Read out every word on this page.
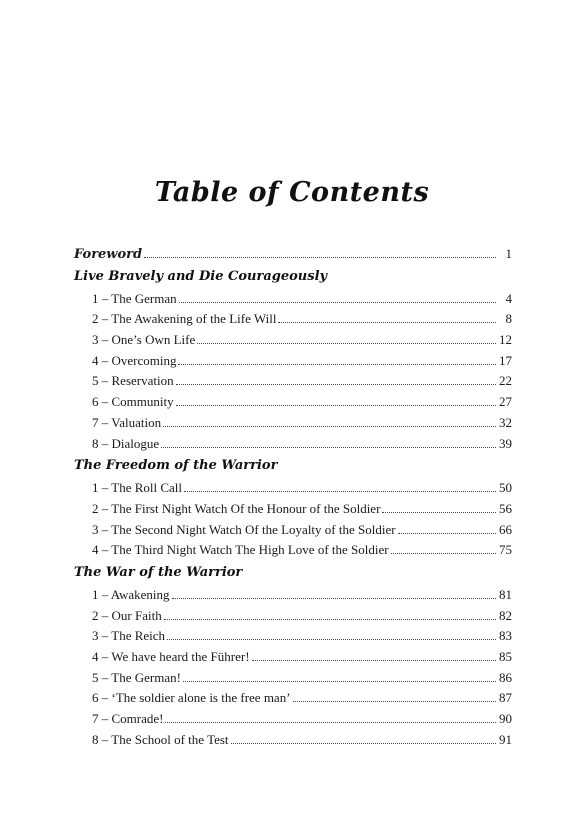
Table of Contents
Foreword	1
Live Bravely and Die Courageously
1 – The German	4
2 – The Awakening of the Life Will	8
3 – One’s Own Life	12
4 – Overcoming	17
5 – Reservation	22
6 – Community	27
7 – Valuation	32
8 – Dialogue	39
The Freedom of the Warrior
1 – The Roll Call	50
2 – The First Night Watch Of the Honour of the Soldier	56
3 – The Second Night Watch Of the Loyalty of the Soldier	66
4 – The Third Night Watch The High Love of the Soldier	75
The War of the Warrior
1 – Awakening	81
2 – Our Faith	82
3 – The Reich	83
4 – We have heard the Führer!	85
5 – The German!	86
6 – ‘The soldier alone is the free man’	87
7 – Comrade!	90
8 – The School of the Test	91
